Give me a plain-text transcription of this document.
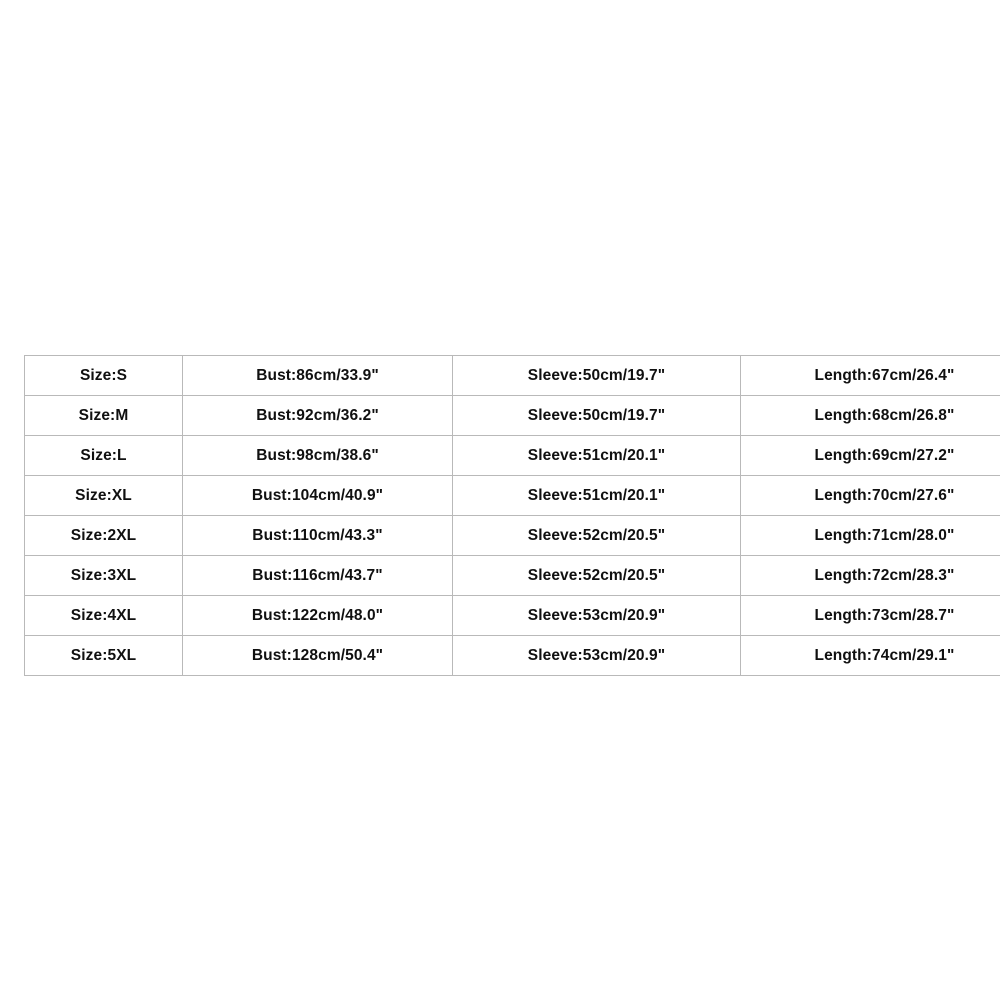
Size:S	Bust:86cm/33.9"	Sleeve:50cm/19.7"	Length:67cm/26.4"
Size:M	Bust:92cm/36.2"	Sleeve:50cm/19.7"	Length:68cm/26.8"
Size:L	Bust:98cm/38.6"	Sleeve:51cm/20.1"	Length:69cm/27.2"
Size:XL	Bust:104cm/40.9"	Sleeve:51cm/20.1"	Length:70cm/27.6"
Size:2XL	Bust:110cm/43.3"	Sleeve:52cm/20.5"	Length:71cm/28.0"
Size:3XL	Bust:116cm/43.7"	Sleeve:52cm/20.5"	Length:72cm/28.3"
Size:4XL	Bust:122cm/48.0"	Sleeve:53cm/20.9"	Length:73cm/28.7"
Size:5XL	Bust:128cm/50.4"	Sleeve:53cm/20.9"	Length:74cm/29.1"
